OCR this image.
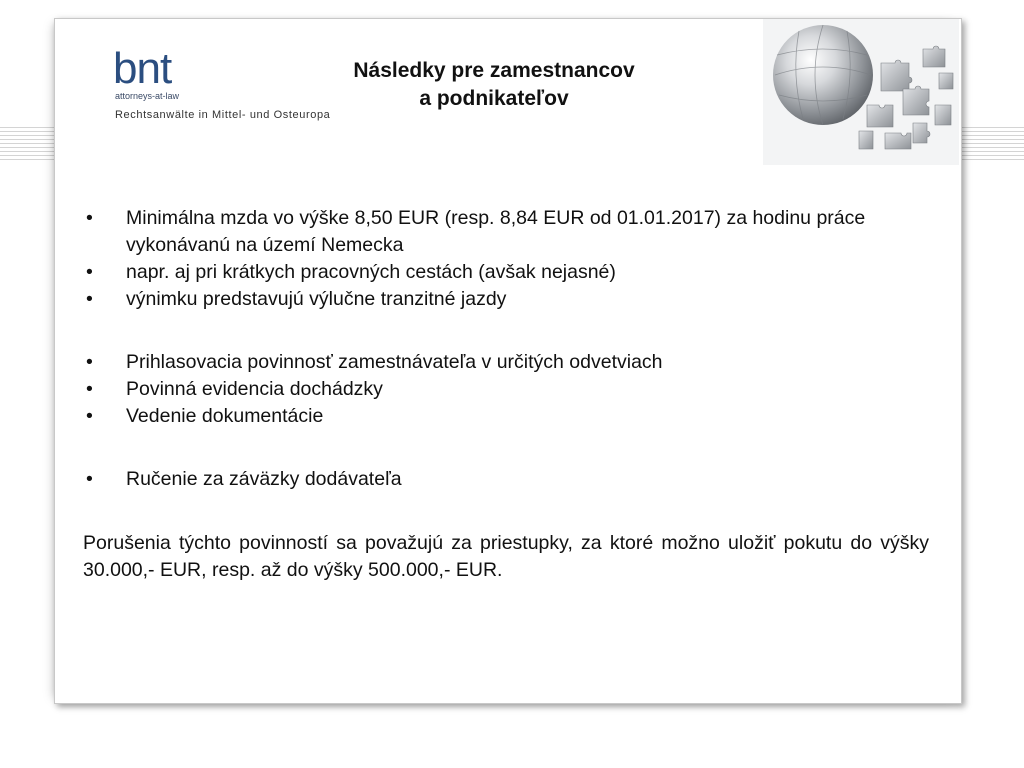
bnt
attorneys-at-law
Rechtsanwälte in Mittel- und Osteuropa
Následky pre zamestnancov
a podnikateľov
• Minimálna mzda vo výške 8,50 EUR (resp. 8,84 EUR od 01.01.2017) za hodinu práce vykonávanú na území Nemecka
• napr. aj pri krátkych pracovných cestách (avšak nejasné)
• výnimku predstavujú výlučne tranzitné jazdy
• Prihlasovacia povinnosť zamestnávateľa v určitých odvetviach
• Povinná evidencia dochádzky
• Vedenie dokumentácie
• Ručenie za záväzky dodávateľa
Porušenia týchto povinností sa považujú za priestupky, za ktoré možno uložiť pokutu do výšky 30.000,- EUR, resp. až do výšky 500.000,- EUR.
